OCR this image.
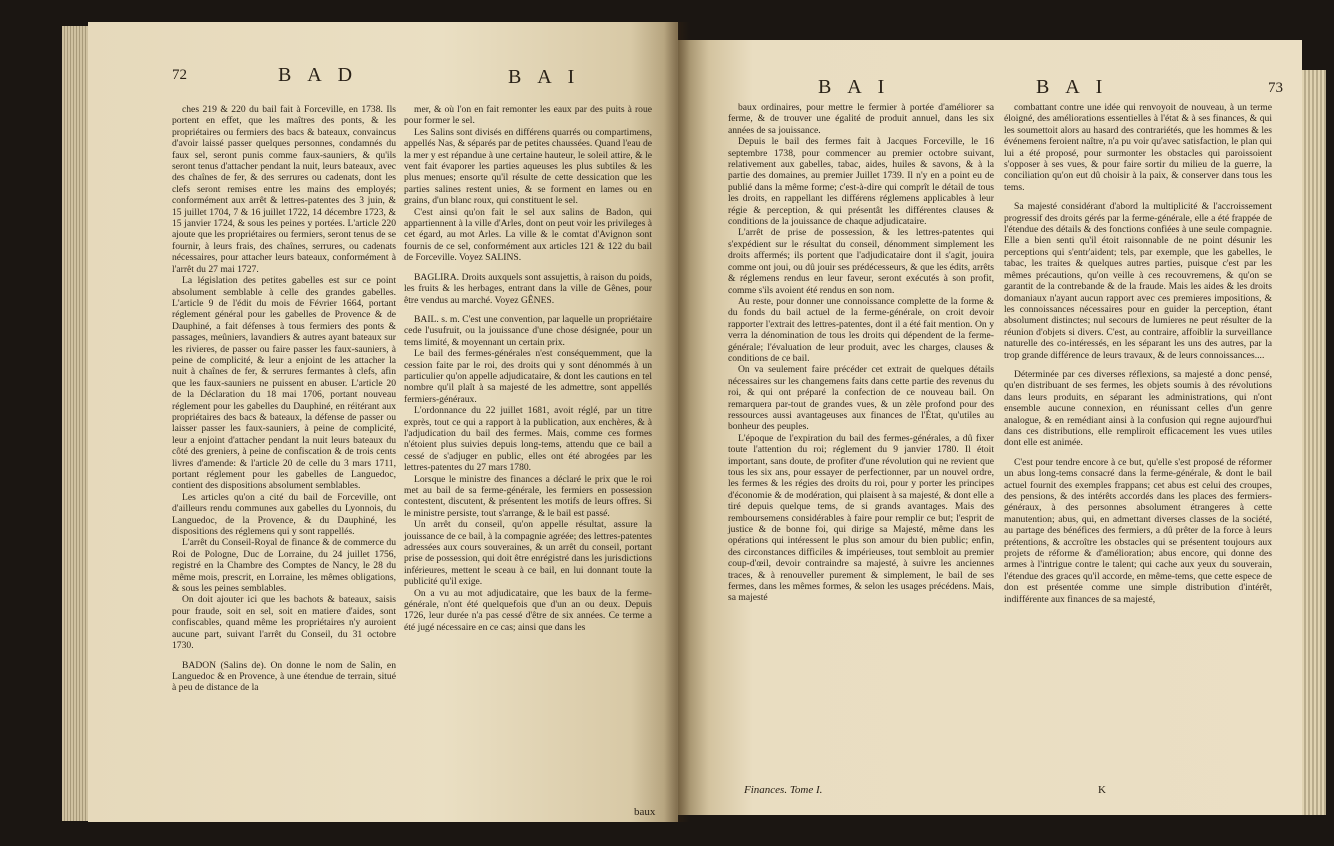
72	B A D	B A I

ches 219 & 220 du bail fait à Forceville, en 1738. Ils portent en effet, que les maîtres des ponts, & les propriétaires ou fermiers des bacs & bateaux, convaincus d'avoir laissé passer quelques personnes, condamnés du faux sel, seront punis comme faux-sauniers, & qu'ils seront tenus d'attacher pendant la nuit, leurs bateaux, avec des chaînes de fer, & des serrures ou cadenats, dont les clefs seront remises entre les mains des employés; conformément aux arrêt & lettres-patentes des 3 juin, & 15 juillet 1704, 7 & 16 juillet 1722, 14 décembre 1723, & 15 janvier 1724, & sous les peines y portées. L'article 220 ajoute que les propriétaires ou fermiers, seront tenus de se fournir, à leurs frais, des chaînes, serrures, ou cadenats nécessaires, pour attacher leurs bateaux, conformément à l'arrêt du 27 mai 1727.

La législation des petites gabelles est sur ce point absolument semblable à celle des grandes gabelles. L'article 9 de l'édit du mois de Février 1664, portant réglement général pour les gabelles de Provence & de Dauphiné, a fait défenses à tous fermiers des ponts & passages, meûniers, lavandiers & autres ayant bateaux sur les rivieres, de passer ou faire passer les faux-sauniers, à peine de complicité, & leur a enjoint de les attacher la nuit à chaînes de fer, & serrures fermantes à clefs, afin que les faux-sauniers ne puissent en abuser. L'article 20 de la Déclaration du 18 mai 1706, portant nouveau réglement pour les gabelles du Dauphiné, en réitérant aux propriétaires des bacs & bateaux, la défense de passer ou laisser passer les faux-sauniers, à peine de complicité, leur a enjoint d'attacher pendant la nuit leurs bateaux du côté des greniers, à peine de confiscation & de trois cents livres d'amende: & l'article 20 de celle du 3 mars 1711, portant réglement pour les gabelles de Languedoc, contient des dispositions absolument semblables.

Les articles qu'on a cité du bail de Forceville, ont d'ailleurs rendu communes aux gabelles du Lyonnois, du Languedoc, de la Provence, & du Dauphiné, les dispositions des réglemens qui y sont rappellés.

L'arrêt du Conseil-Royal de finance & de commerce du Roi de Pologne, Duc de Lorraine, du 24 juillet 1756, registré en la Chambre des Comptes de Nancy, le 28 du même mois, prescrit, en Lorraine, les mêmes obligations, & sous les peines semblables.

On doit ajouter ici que les bachots & bateaux, saisis pour fraude, soit en sel, soit en matiere d'aides, sont confiscables, quand même les propriétaires n'y auroient aucune part, suivant l'arrêt du Conseil, du 31 octobre 1730.

BADON (Salins de). On donne le nom de Salin, en Languedoc & en Provence, à une étendue de terrain, situé à peu de distance de la

mer, & où l'on en fait remonter les eaux par des puits à roue pour former le sel.

Les Salins sont divisés en différens quarrés ou compartimens, appellés Nas, & séparés par de petites chaussées. Quand l'eau de la mer y est répandue à une certaine hauteur, le soleil attire, & le vent fait évaporer les parties aqueuses les plus subtiles & les plus menues; ensorte qu'il résulte de cette dessication que les parties salines restent unies, & se forment en lames ou en grains, d'un blanc roux, qui constituent le sel.

C'est ainsi qu'on fait le sel aux salins de Badon, qui appartiennent à la ville d'Arles, dont on peut voir les privileges à cet égard, au mot Arles. La ville & le comtat d'Avignon sont fournis de ce sel, conformément aux articles 121 & 122 du bail de Forceville. Voyez SALINS.

BAGLIRA. Droits auxquels sont assujettis, à raison du poids, les fruits & les herbages, entrant dans la ville de Gênes, pour être vendus au marché. Voyez GÊNES.

BAIL. s. m. C'est une convention, par laquelle un propriétaire cede l'usufruit, ou la jouissance d'une chose désignée, pour un tems limité, & moyennant un certain prix.

Le bail des fermes-générales n'est conséquemment, que la cession faite par le roi, des droits qui y sont dénommés à un particulier qu'on appelle adjudicataire, & dont les cautions en tel nombre qu'il plaît à sa majesté de les admettre, sont appellés fermiers-généraux.

L'ordonnance du 22 juillet 1681, avoit réglé, par un titre exprès, tout ce qui a rapport à la publication, aux enchères, & à l'adjudication du bail des fermes. Mais, comme ces formes n'étoient plus suivies depuis long-tems, attendu que ce bail a cessé de s'adjuger en public, elles ont été abrogées par les lettres-patentes du 27 mars 1780.

Lorsque le ministre des finances a déclaré le prix que le roi met au bail de sa ferme-générale, les fermiers en possession contestent, discutent, & présentent les motifs de leurs offres. Si le ministre persiste, tout s'arrange, & le bail est passé.

Un arrêt du conseil, qu'on appelle résultat, assure la jouissance de ce bail, à la compagnie agréée; des lettres-patentes adressées aux cours souveraines, & un arrêt du conseil, portant prise de possession, qui doit être enrégistré dans les jurisdictions inférieures, mettent le sceau à ce bail, en lui donnant toute la publicité qu'il exige.

On a vu au mot adjudicataire, que les baux de la ferme-générale, n'ont été quelquefois que d'un an ou deux. Depuis 1726, leur durée n'a pas cessé d'être de six années. Ce terme a été jugé nécessaire en ce cas; ainsi que dans les

baux
B A I	B A I	73

baux ordinaires, pour mettre le fermier à portée d'améliorer sa ferme, & de trouver une égalité de produit annuel, dans les six années de sa jouissance.

Depuis le bail des fermes fait à Jacques Forceville, le 16 septembre 1738, pour commencer au premier octobre suivant, relativement aux gabelles, tabac, aides, huiles & savons, & à la partie des domaines, au premier Juillet 1739. Il n'y en a point eu de publié dans la même forme; c'est-à-dire qui comprît le détail de tous les droits, en rappellant les différens réglemens applicables à leur régie & perception, & qui présentât les différentes clauses & conditions de la jouissance de chaque adjudicataire.

L'arrêt de prise de possession, & les lettres-patentes qui s'expédient sur le résultat du conseil, dénomment simplement les droits affermés; ils portent que l'adjudicataire dont il s'agit, jouira comme ont joui, ou dû jouir ses prédécesseurs, & que les édits, arrêts & réglemens rendus en leur faveur, seront exécutés à son profit, comme s'ils avoient été rendus en son nom.

Au reste, pour donner une connoissance complette de la forme & du fonds du bail actuel de la ferme-générale, on croit devoir rapporter l'extrait des lettres-patentes, dont il a été fait mention. On y verra la dénomination de tous les droits qui dépendent de la ferme-générale; l'évaluation de leur produit, avec les charges, clauses & conditions de ce bail.

On va seulement faire précéder cet extrait de quelques détails nécessaires sur les changemens faits dans cette partie des revenus du roi, & qui ont préparé la confection de ce nouveau bail. On remarquera par-tout de grandes vues, & un zèle profond pour des ressources aussi avantageuses aux finances de l'État, qu'utiles au bonheur des peuples.

L'époque de l'expiration du bail des fermes-générales, a dû fixer toute l'attention du roi; réglement du 9 janvier 1780. Il étoit important, sans doute, de profiter d'une révolution qui ne revient que tous les six ans, pour essayer de perfectionner, par un nouvel ordre, les fermes & les régies des droits du roi, pour y porter les principes d'économie & de modération, qui plaisent à sa majesté, & dont elle a tiré depuis quelque tems, de si grands avantages. Mais des remboursemens considérables à faire pour remplir ce but; l'esprit de justice & de bonne foi, qui dirige sa Majesté, même dans les opérations qui intéressent le plus son amour du bien public; enfin, des circonstances difficiles & impérieuses, tout sembloit au premier coup-d'œil, devoir contraindre sa majesté, à suivre les anciennes traces, & à renouveller purement & simplement, le bail de ses fermes, dans les mêmes formes, & selon les usages précédens. Mais, sa majesté

Finances. Tome I.

combattant contre une idée qui renvoyoit de nouveau, à un terme éloigné, des améliorations essentielles à l'état & à ses finances, & qui les soumettoit alors au hasard des contrariétés, que les hommes & les événemens feroient naître, n'a pu voir qu'avec satisfaction, le plan qui lui a été proposé, pour surmonter les obstacles qui paroissoient s'opposer à ses vues, & pour faire sortir du milieu de la guerre, la conciliation qu'on eut dû choisir à la paix, & conserver dans tous les tems.

Sa majesté considérant d'abord la multiplicité & l'accroissement progressif des droits gérés par la ferme-générale, elle a été frappée de l'étendue des détails & des fonctions confiées à une seule compagnie. Elle a bien senti qu'il étoit raisonnable de ne point désunir les perceptions qui s'entr'aident; tels, par exemple, que les gabelles, le tabac, les traites & quelques autres parties, puisque c'est par les mêmes précautions, qu'on veille à ces recouvremens, & qu'on se garantit de la contrebande & de la fraude. Mais les aides & les droits domaniaux n'ayant aucun rapport avec ces premieres impositions, & les connoissances nécessaires pour en guider la perception, étant absolument distinctes; nul secours de lumieres ne peut résulter de la réunion d'objets si divers. C'est, au contraire, affoiblir la surveillance naturelle des co-intéressés, en les séparant les uns des autres, par la trop grande différence de leurs travaux, & de leurs connoissances....

Déterminée par ces diverses réflexions, sa majesté a donc pensé, qu'en distribuant de ses fermes, les objets soumis à des révolutions dans leurs produits, en séparant les administrations, qui n'ont ensemble aucune connexion, en réunissant celles d'un genre analogue, & en remédiant ainsi à la confusion qui regne aujourd'hui dans ces distributions, elle rempliroit efficacement les vues utiles dont elle est animée.

C'est pour tendre encore à ce but, qu'elle s'est proposé de réformer un abus long-tems consacré dans la ferme-générale, & dont le bail actuel fournit des exemples frappans; cet abus est celui des croupes, des pensions, & des intérêts accordés dans les places des fermiers-généraux, à des personnes absolument étrangeres à cette manutention; abus, qui, en admettant diverses classes de la société, au partage des bénéfices des fermiers, a dû prêter de la force à leurs prétentions, & accroître les obstacles qui se présentent toujours aux projets de réforme & d'amélioration; abus encore, qui donne des armes à l'intrigue contre le talent; qui cache aux yeux du souverain, l'étendue des graces qu'il accorde, en même-tems, que cette espece de don est présentée comme une simple distribution d'intérêt, indifférente aux finances de sa majesté,

K
